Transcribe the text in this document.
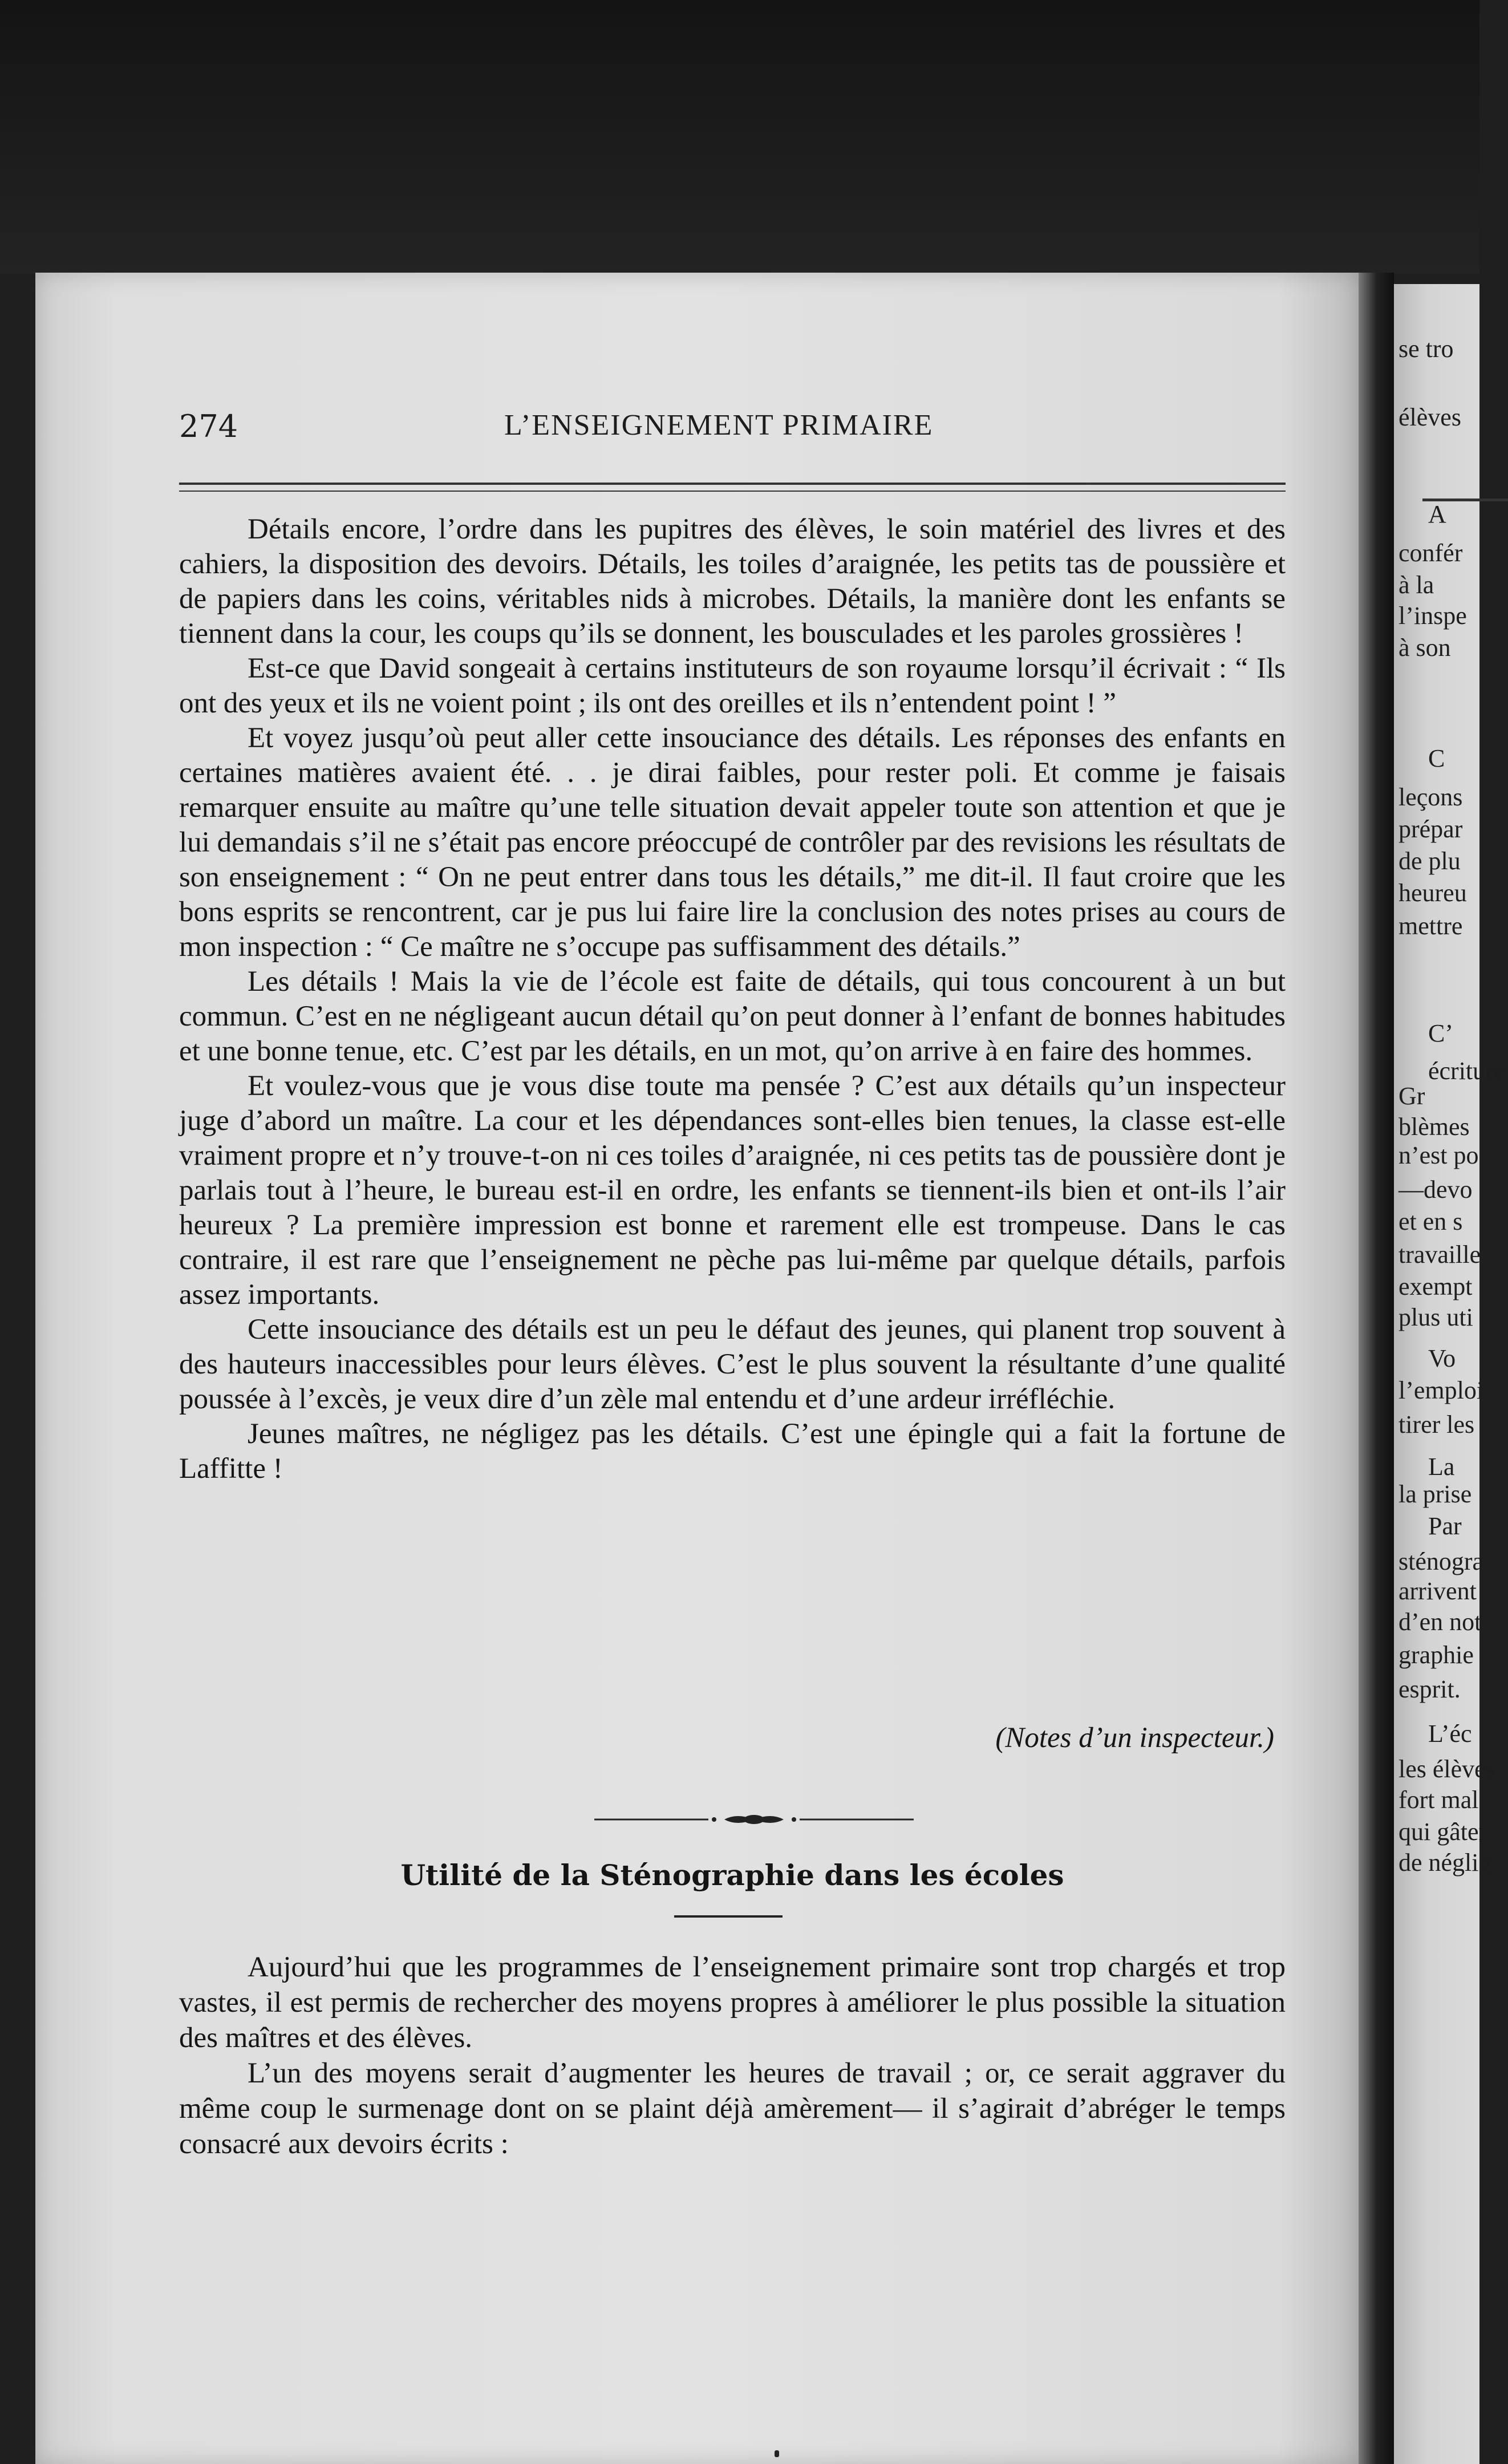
274	L’ENSEIGNEMENT PRIMAIRE

Détails encore, l’ordre dans les pupitres des élèves, le soin matériel des livres et des cahiers, la disposition des devoirs. Détails, les toiles d’araignée, les petits tas de poussière et de papiers dans les coins, véritables nids à microbes. Détails, la manière dont les enfants se tiennent dans la cour, les coups qu’ils se donnent, les bousculades et les paroles grossières !

Est-ce que David songeait à certains instituteurs de son royaume lorsqu’il écrivait : “ Ils ont des yeux et ils ne voient point ; ils ont des oreilles et ils n’entendent point ! ”

Et voyez jusqu’où peut aller cette insouciance des détails. Les réponses des enfants en certaines matières avaient été. . . je dirai faibles, pour rester poli. Et comme je faisais remarquer ensuite au maître qu’une telle situation devait appeler toute son attention et que je lui demandais s’il ne s’était pas encore préoccupé de contrôler par des revisions les résultats de son enseignement : “ On ne peut entrer dans tous les détails,” me dit-il. Il faut croire que les bons esprits se rencontrent, car je pus lui faire lire la conclusion des notes prises au cours de mon inspection : “ Ce maître ne s’occupe pas suffisamment des détails.”

Les détails ! Mais la vie de l’école est faite de détails, qui tous concourent à un but commun. C’est en ne négligeant aucun détail qu’on peut donner à l’enfant de bonnes habitudes et une bonne tenue, etc. C’est par les détails, en un mot, qu’on arrive à en faire des hommes.

Et voulez-vous que je vous dise toute ma pensée ? C’est aux détails qu’un inspecteur juge d’abord un maître. La cour et les dépendances sont-elles bien tenues, la classe est-elle vraiment propre et n’y trouve-t-on ni ces toiles d’araignée, ni ces petits tas de poussière dont je parlais tout à l’heure, le bureau est-il en ordre, les enfants se tiennent-ils bien et ont-ils l’air heureux ? La première impression est bonne et rarement elle est trompeuse. Dans le cas contraire, il est rare que l’enseignement ne pèche pas lui-même par quelque détails, parfois assez importants.

Cette insouciance des détails est un peu le défaut des jeunes, qui planent trop souvent à des hauteurs inaccessibles pour leurs élèves. C’est le plus souvent la résultante d’une qualité poussée à l’excès, je veux dire d’un zèle mal entendu et d’une ardeur irréfléchie.

Jeunes maîtres, ne négligez pas les détails. C’est une épingle qui a fait la fortune de Laffitte !

(Notes d’un inspecteur.)
Utilité de la Sténographie dans les écoles

Aujourd’hui que les programmes de l’enseignement primaire sont trop chargés et trop vastes, il est permis de rechercher des moyens propres à améliorer le plus possible la situation des maîtres et des élèves.

L’un des moyens serait d’augmenter les heures de travail ; or, ce serait aggraver du même coup le surmenage dont on se plaint déjà amèrement— il s’agirait d’abréger le temps consacré aux devoirs écrits :

se tro
élèves
A
confér
à la
l’inspe
à son
C
leçons
prépar
de plu
heureu
mettre
C’
écriture
Gr
blèmes
n’est po
—devo
et en s
travaille
exempt
plus uti
Vo
l’emploi
tirer les
La
la prise
Par
sténogra
arrivent
d’en not
graphie
esprit.
L’éc
les élèves
fort mal,
qui gâter
de néglig
